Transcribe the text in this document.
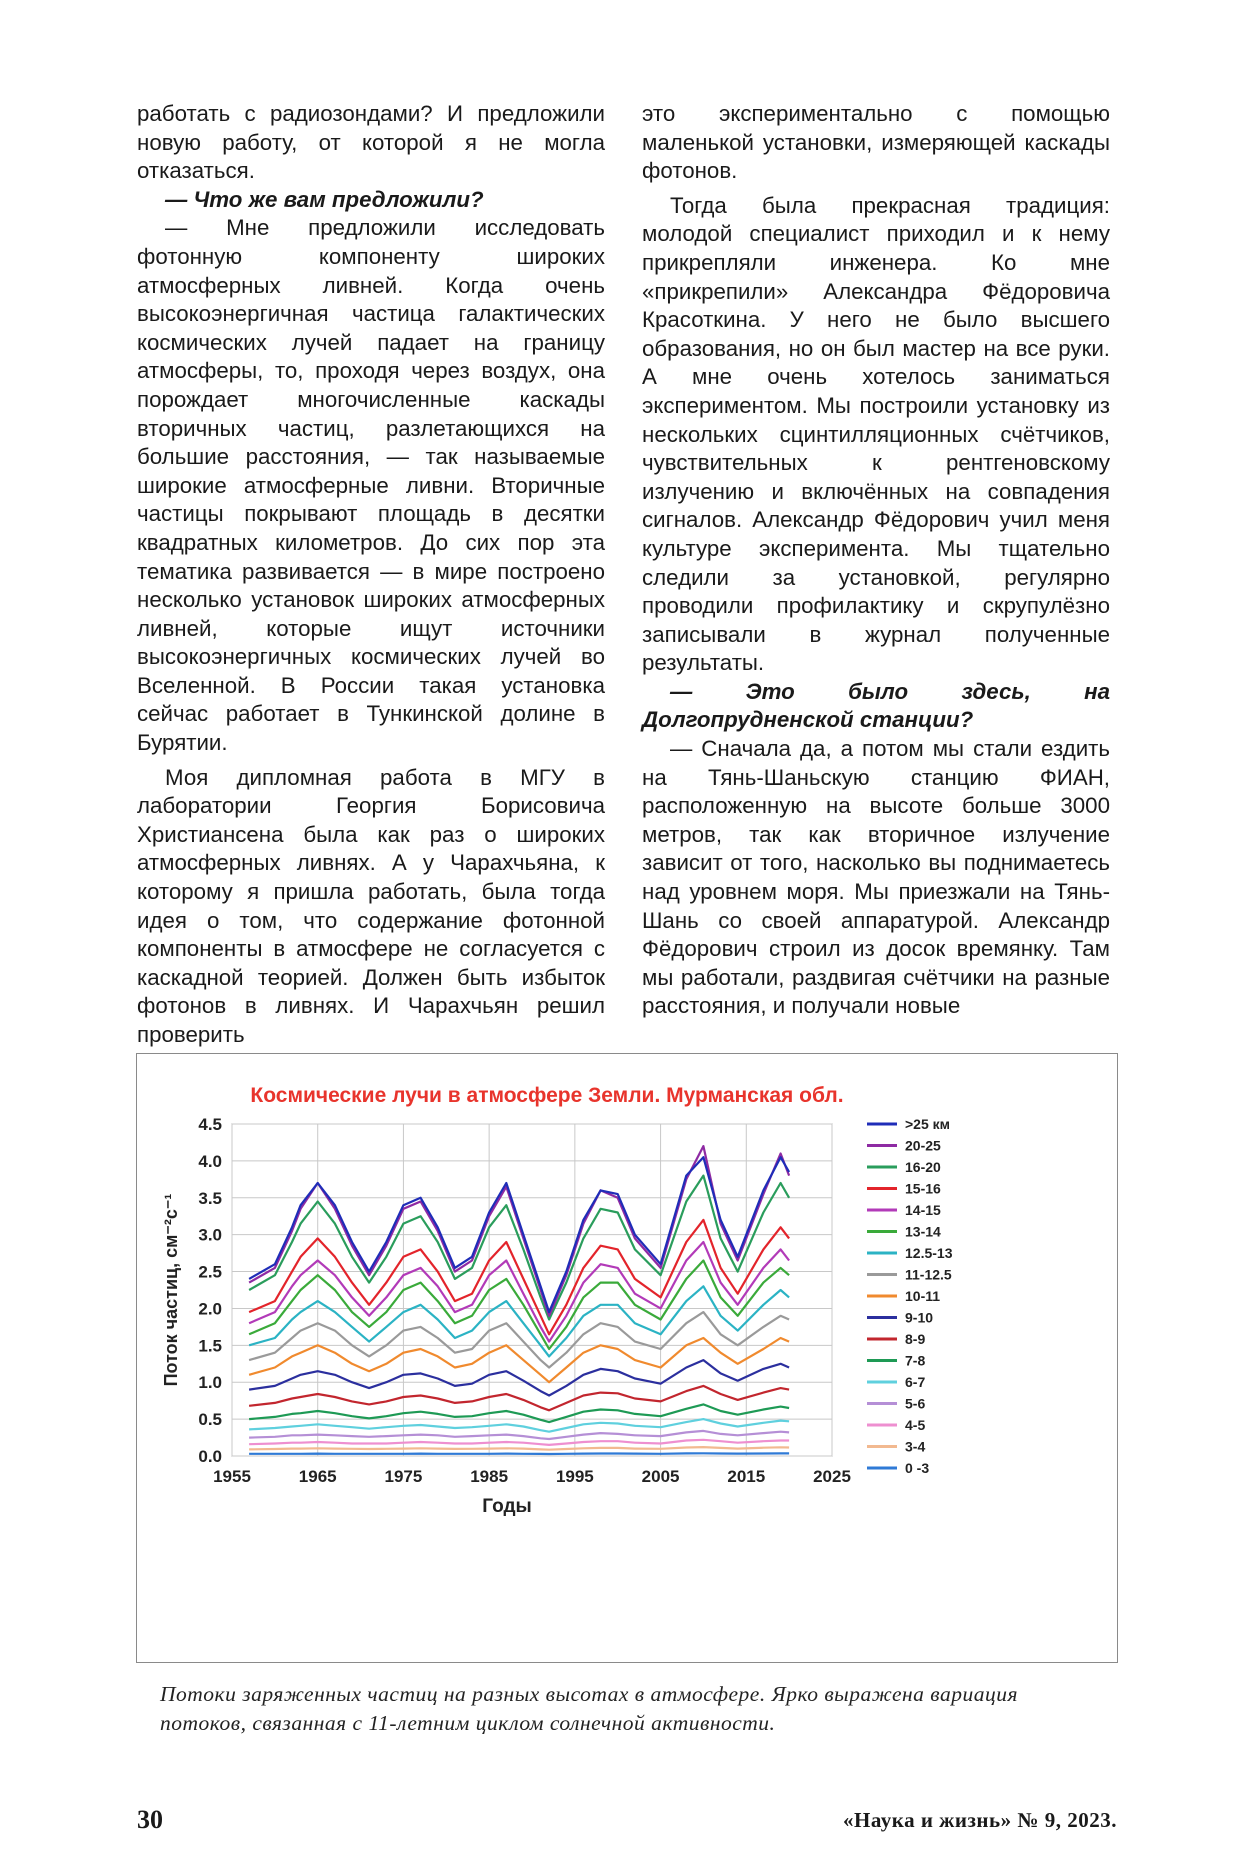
работать с радиозондами? И предложили новую работу, от которой я не могла отказаться.

— Что же вам предложили?

— Мне предложили исследовать фотонную компоненту широких атмосферных ливней. Когда очень высокоэнергичная частица галактических космических лучей падает на границу атмосферы, то, проходя через воздух, она порождает многочисленные каскады вторичных частиц, разлетающихся на большие расстояния, — так называемые широкие атмосферные ливни. Вторичные частицы покрывают площадь в десятки квадратных километров. До сих пор эта тематика развивается — в мире построено несколько установок широких атмосферных ливней, которые ищут источники высокоэнергичных космических лучей во Вселенной. В России такая установка сейчас работает в Тункинской долине в Бурятии.

Моя дипломная работа в МГУ в лаборатории Георгия Борисовича Христиансена была как раз о широких атмосферных ливнях. А у Чарахчьяна, к которому я пришла работать, была тогда идея о том, что содержание фотонной компоненты в атмосфере не согласуется с каскадной теорией. Должен быть избыток фотонов в ливнях. И Чарахчьян решил проверить

это экспериментально с помощью маленькой установки, измеряющей каскады фотонов.

Тогда была прекрасная традиция: молодой специалист приходил и к нему прикрепляли инженера. Ко мне «прикрепили» Александра Фёдоровича Красоткина. У него не было высшего образования, но он был мастер на все руки. А мне очень хотелось заниматься экспериментом. Мы построили установку из нескольких сцинтилляционных счётчиков, чувствительных к рентгеновскому излучению и включённых на совпадения сигналов. Александр Фёдорович учил меня культуре эксперимента. Мы тщательно следили за установкой, регулярно проводили профилактику и скрупулёзно записывали в журнал полученные результаты.

— Это было здесь, на Долгопрудненской станции?

— Сначала да, а потом мы стали ездить на Тянь-Шаньскую станцию ФИАН, расположенную на высоте больше 3000 метров, так как вторичное излучение зависит от того, насколько вы поднимаетесь над уровнем моря. Мы приезжали на Тянь-Шань со своей аппаратурой. Александр Фёдорович строил из досок времянку. Там мы работали, раздвигая счётчики на разные расстояния, и получали новые

Космические лучи в атмосфере Земли. Мурманская обл.
0.0
0.5
1.0
1.5
2.0
2.5
3.0
3.5
4.0
4.5
1955	1965	1975	1985	1995	2005	2015	2025
Годы
Поток частиц, см⁻²с⁻¹
>25 км
20-25
16-20
15-16
14-15
13-14
12.5-13
11-12.5
10-11
9-10
8-9
7-8
6-7
5-6
4-5
3-4
0 -3
Потоки заряженных частиц на разных высотах в атмосфере. Ярко выражена вариация потоков, связанная с 11-летним циклом солнечной активности.
30	«Наука и жизнь» № 9, 2023.
